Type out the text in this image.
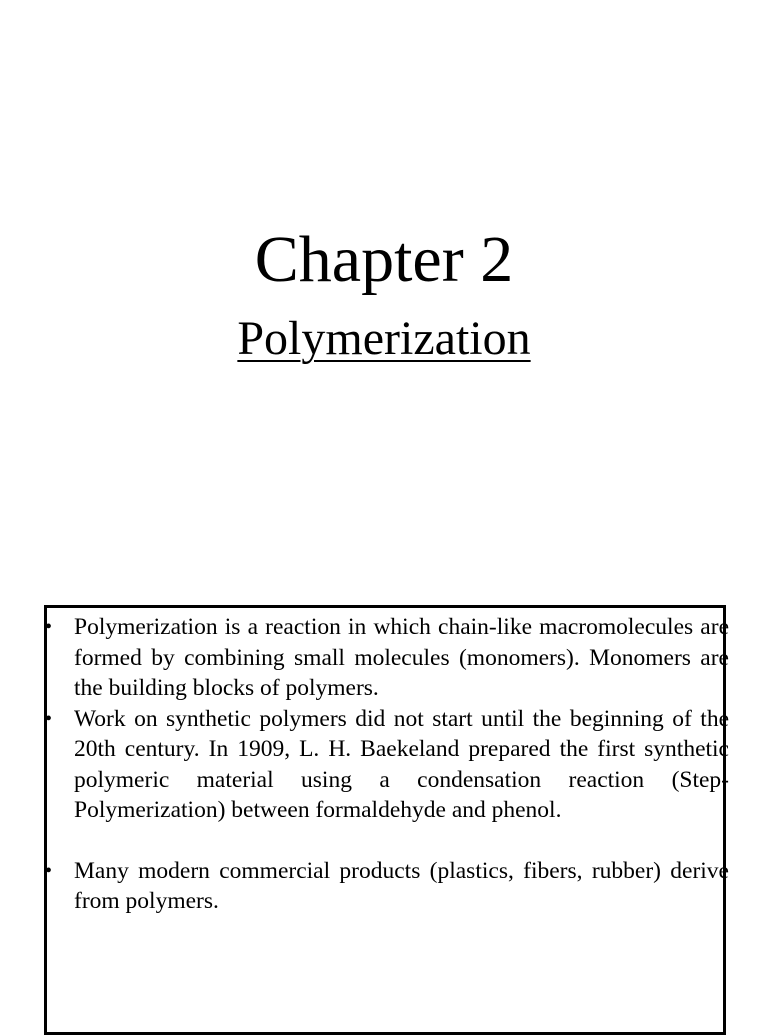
Chapter 2
Polymerization
• Polymerization is a reaction in which chain-like macromolecules are formed by combining small molecules (monomers). Monomers are the building blocks of polymers.
• Work on synthetic polymers did not start until the beginning of the 20th century. In 1909, L. H. Baekeland prepared the first synthetic polymeric material using a condensation reaction (Step- Polymerization) between formaldehyde and phenol.
• Many modern commercial products (plastics, fibers, rubber) derive from polymers.
